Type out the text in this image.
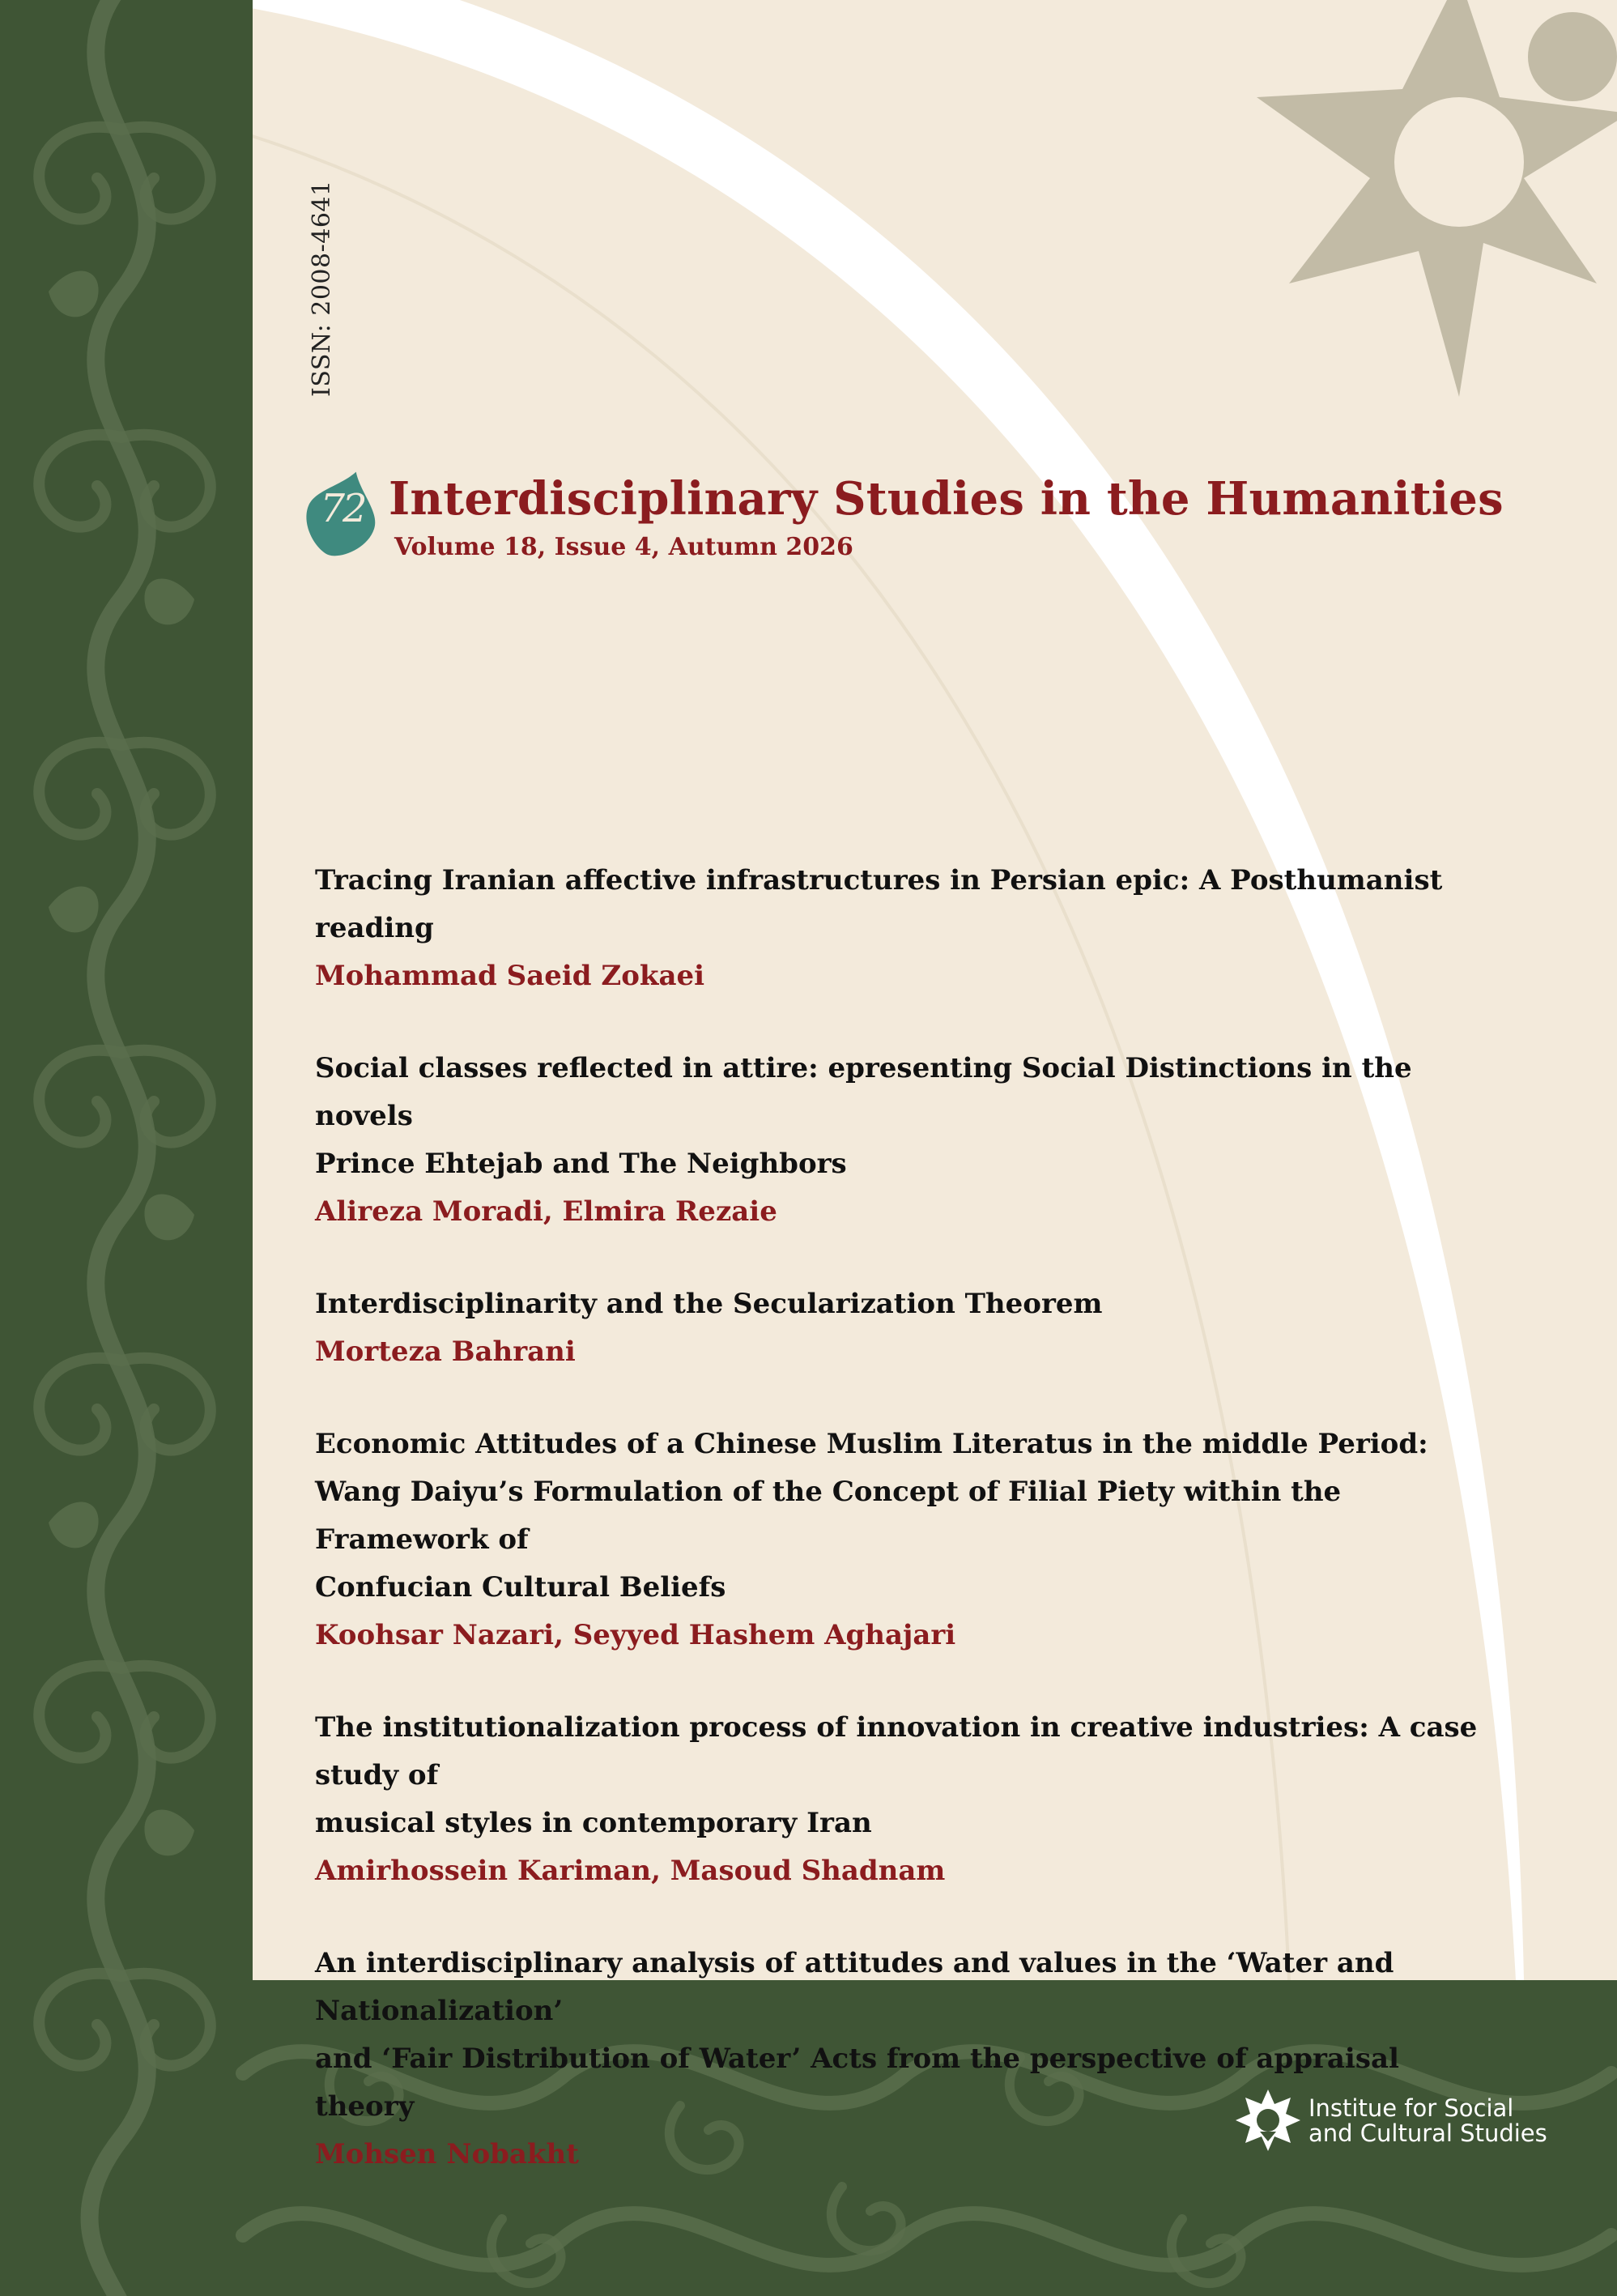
ISSN: 2008-4641

72 Interdisciplinary Studies in the Humanities

Volume 18, Issue 4, Autumn 2026

Tracing Iranian affective infrastructures in Persian epic: A Posthumanist reading

Mohammad Saeid Zokaei

Social classes reflected in attire: epresenting Social Distinctions in the novels
Prince Ehtejab and The Neighbors

Alireza Moradi, Elmira Rezaie

Interdisciplinarity and the Secularization Theorem

Morteza Bahrani

Economic Attitudes of a Chinese Muslim Literatus in the middle Period:
Wang Daiyu’s Formulation of the Concept of Filial Piety within the Framework of
Confucian Cultural Beliefs

Koohsar Nazari, Seyyed Hashem Aghajari

The institutionalization process of innovation in creative industries: A case study of
musical styles in contemporary Iran

Amirhossein Kariman, Masoud Shadnam

An interdisciplinary analysis of attitudes and values in the ‘Water and Nationalization’
and ‘Fair Distribution of Water’ Acts from the perspective of appraisal theory

Mohsen Nobakht

Institue for Social
and Cultural Studies
